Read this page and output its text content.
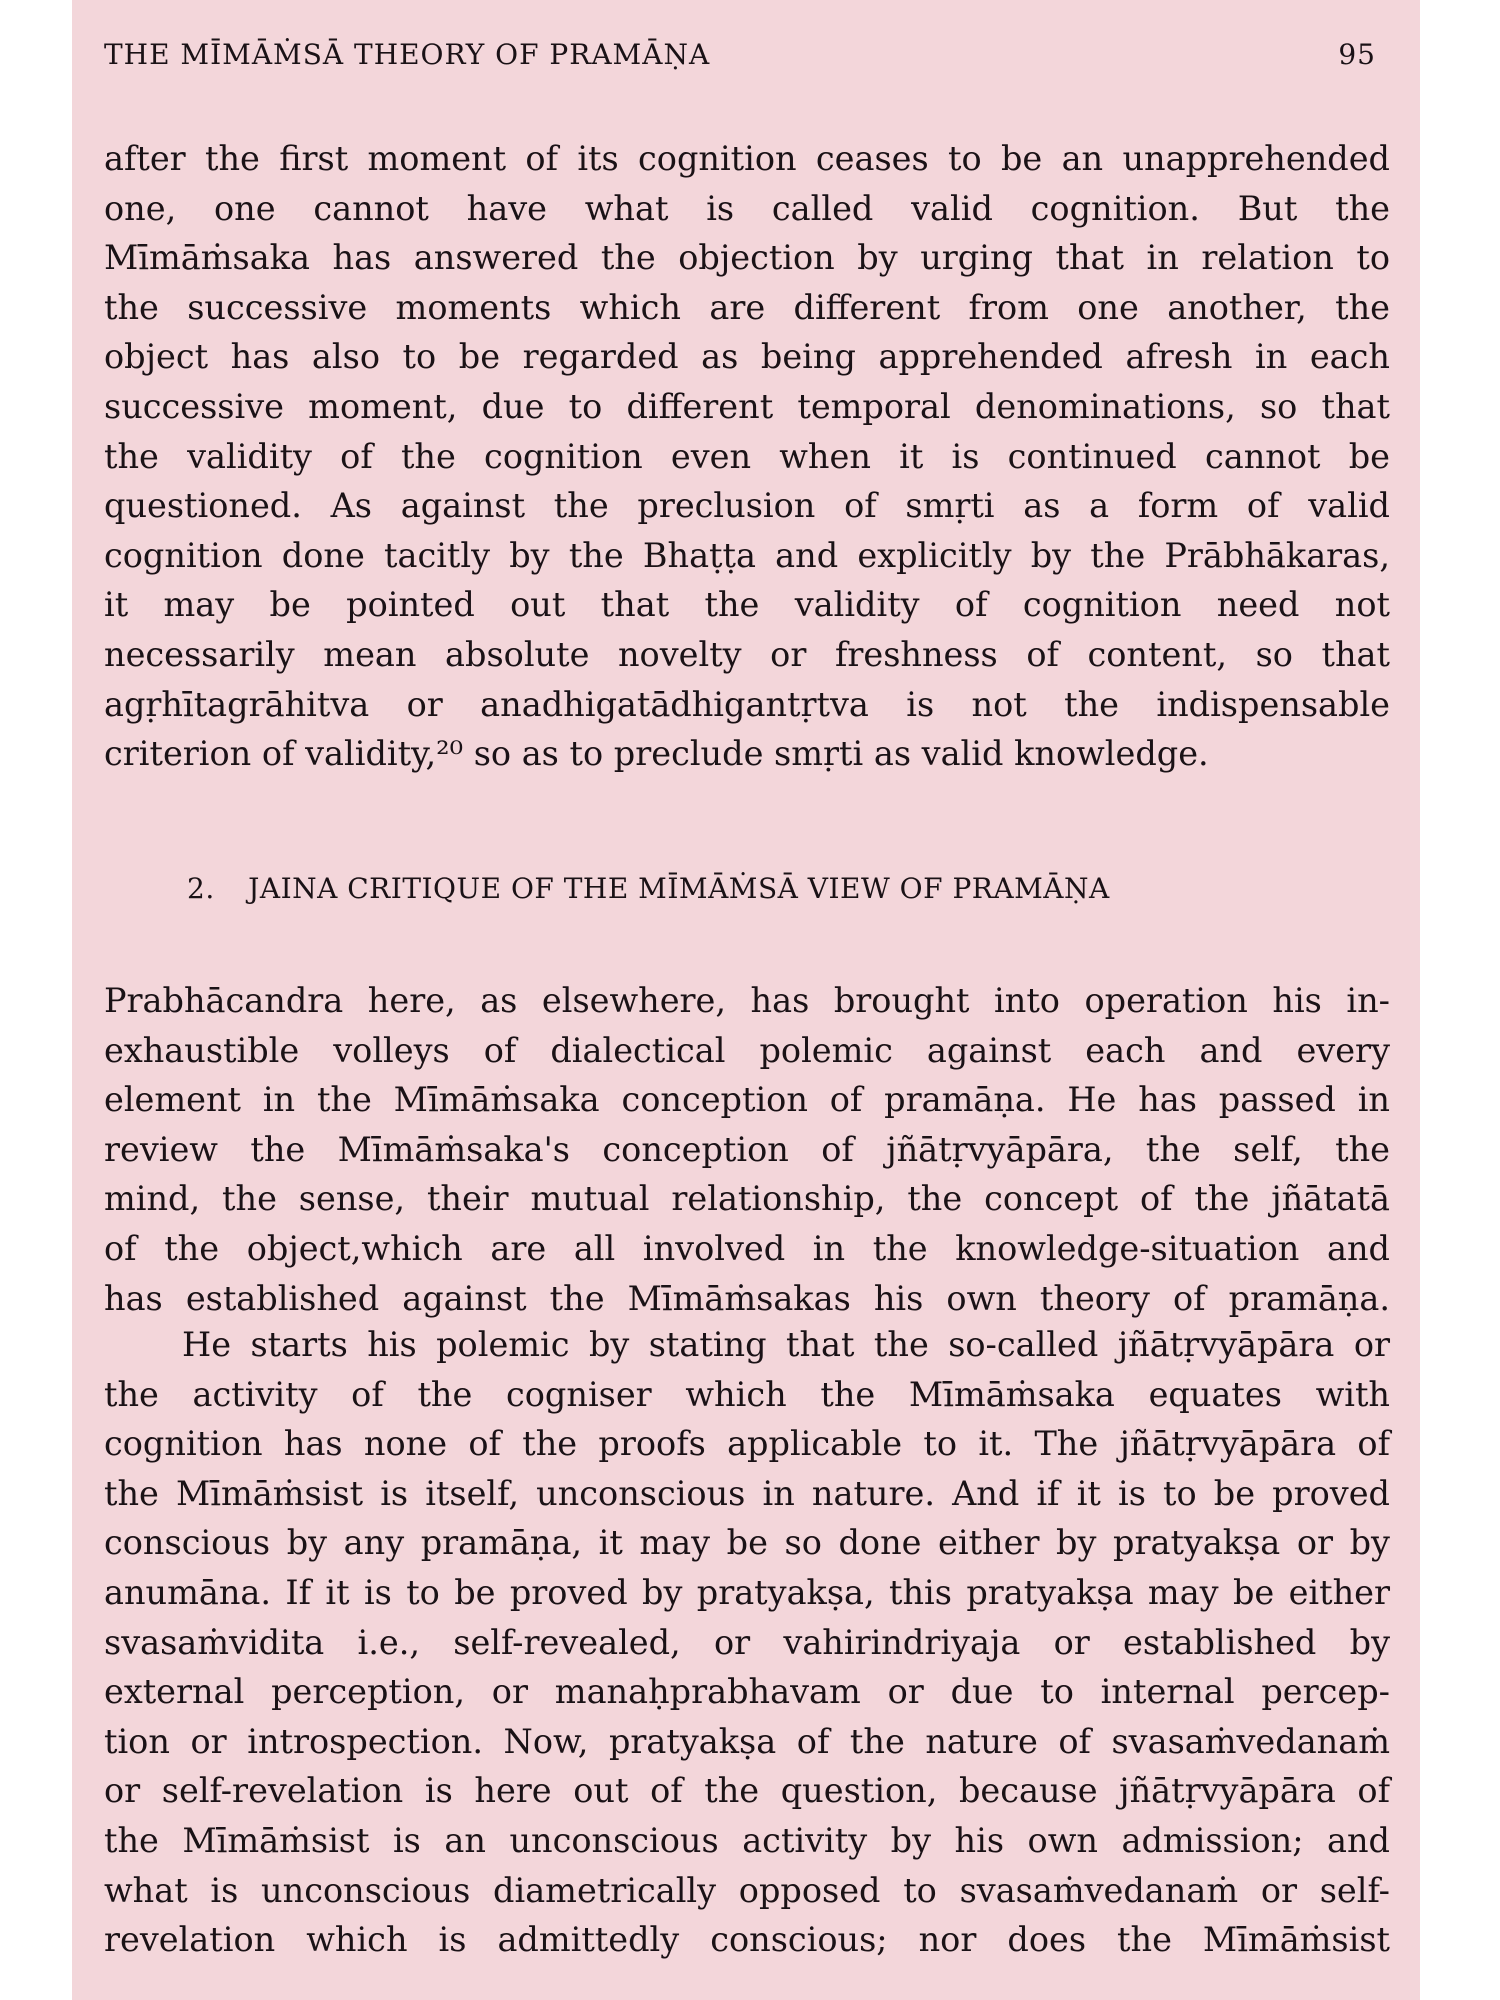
THE MĪMĀṀSĀ THEORY OF PRAMĀṆA	95
after the first moment of its cognition ceases to be an unapprehended
one, one cannot have what is called valid cognition. But the
Mīmāṁsaka has answered the objection by urging that in relation to
the successive moments which are different from one another, the
object has also to be regarded as being apprehended afresh in each
successive moment, due to different temporal denominations, so that
the validity of the cognition even when it is continued cannot be
questioned. As against the preclusion of smṛti as a form of valid
cognition done tacitly by the Bhaṭṭa and explicitly by the Prābhākaras,
it may be pointed out that the validity of cognition need not
necessarily mean absolute novelty or freshness of content, so that
agṛhītagrāhitva or anadhigatādhigantṛtva is not the indispensable
criterion of validity,²⁰ so as to preclude smṛti as valid knowledge.
2. JAINA CRITIQUE OF THE MĪMĀṀSĀ VIEW OF PRAMĀṆA
Prabhācandra here, as elsewhere, has brought into operation his in-
exhaustible volleys of dialectical polemic against each and every
element in the Mīmāṁsaka conception of pramāṇa. He has passed in
review the Mīmāṁsaka's conception of jñātṛvyāpāra, the self, the
mind, the sense, their mutual relationship, the concept of the jñātatā
of the object,which are all involved in the knowledge-situation and
has established against the Mīmāṁsakas his own theory of pramāṇa.
He starts his polemic by stating that the so-called jñātṛvyāpāra or
the activity of the cogniser which the Mīmāṁsaka equates with
cognition has none of the proofs applicable to it. The jñātṛvyāpāra of
the Mīmāṁsist is itself, unconscious in nature. And if it is to be proved
conscious by any pramāṇa, it may be so done either by pratyakṣa or by
anumāna. If it is to be proved by pratyakṣa, this pratyakṣa may be either
svasaṁvidita i.e., self-revealed, or vahirindriyaja or established by
external perception, or manaḥprabhavam or due to internal percep-
tion or introspection. Now, pratyakṣa of the nature of svasaṁvedanaṁ
or self-revelation is here out of the question, because jñātṛvyāpāra of
the Mīmāṁsist is an unconscious activity by his own admission; and
what is unconscious diametrically opposed to svasaṁvedanaṁ or self-
revelation which is admittedly conscious; nor does the Mīmāṁsist
